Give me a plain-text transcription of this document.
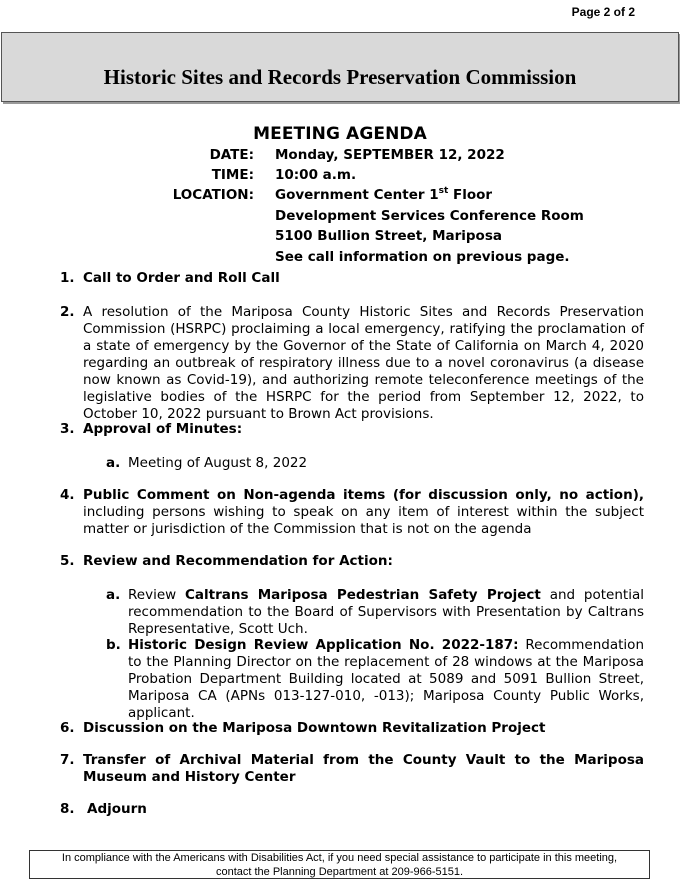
Page 2 of 2
Historic Sites and Records Preservation Commission
MEETING AGENDA
DATE: Monday, SEPTEMBER 12, 2022
TIME: 10:00 a.m.
LOCATION: Government Center 1st Floor
Development Services Conference Room
5100 Bullion Street, Mariposa
See call information on previous page.
1. Call to Order and Roll Call
2. A resolution of the Mariposa County Historic Sites and Records Preservation Commission (HSRPC) proclaiming a local emergency, ratifying the proclamation of a state of emergency by the Governor of the State of California on March 4, 2020 regarding an outbreak of respiratory illness due to a novel coronavirus (a disease now known as Covid-19), and authorizing remote teleconference meetings of the legislative bodies of the HSRPC for the period from September 12, 2022, to October 10, 2022 pursuant to Brown Act provisions.
3. Approval of Minutes:
a. Meeting of August 8, 2022
4. Public Comment on Non-agenda items (for discussion only, no action), including persons wishing to speak on any item of interest within the subject matter or jurisdiction of the Commission that is not on the agenda
5. Review and Recommendation for Action:
a. Review Caltrans Mariposa Pedestrian Safety Project and potential recommendation to the Board of Supervisors with Presentation by Caltrans Representative, Scott Uch.
b. Historic Design Review Application No. 2022-187: Recommendation to the Planning Director on the replacement of 28 windows at the Mariposa Probation Department Building located at 5089 and 5091 Bullion Street, Mariposa CA (APNs 013-127-010, -013); Mariposa County Public Works, applicant.
6. Discussion on the Mariposa Downtown Revitalization Project
7. Transfer of Archival Material from the County Vault to the Mariposa Museum and History Center
8. Adjourn
In compliance with the Americans with Disabilities Act, if you need special assistance to participate in this meeting,
contact the Planning Department at 209-966-5151.
